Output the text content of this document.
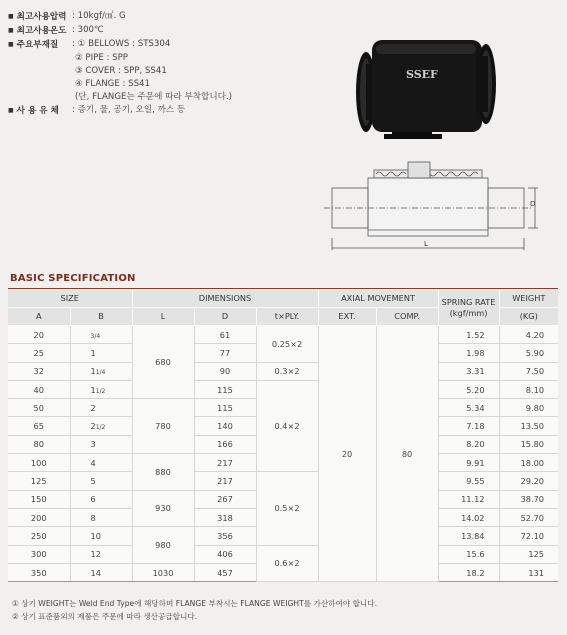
■ 최고사용압력 : 10kgf/㎠. G
■ 최고사용온도 : 300℃
■ 주요부재질	: ① BELLOWS : STS304
② PIPE : SPP
③ COVER : SPP, SS41
④ FLANGE : SS41
(단, FLANGE는 주문에 따라 부착합니다.)
■ 사 용 유 체	: 증기, 물, 공기, 오일, 까스 등
SSEF
D
L
BASIC SPECIFICATION
SIZE		DIMENSIONS			AXIAL MOVEMENT		SPRING RATE (kgf/mm)	WEIGHT
A	B	L	D	t×PLY.	EXT.	COMP.		(KG)
20	3/4	680	61	0.25×2	20	80	1.52	4.20
25	1		77				1.98	5.90
32	11/4		90	0.3×2			3.31	7.50
40	11/2		115	0.4×2			5.20	8.10
50	2	780	115				5.34	9.80
65	21/2		140				7.18	13.50
80	3		166				8.20	15.80
100	4	880	217				9.91	18.00
125	5		217	0.5×2			9.55	29.20
150	6	930	267				11.12	38.70
200	8		318				14.02	52.70
250	10	980	356				13.84	72.10
300	12		406	0.6×2			15.6	125
350	14	1030	457				18.2	131
① 상기 WEIGHT는 Weld End Type에 해당하며 FLANGE 부착시는 FLANGE WEIGHT를 가산하여야 합니다.
② 상기 표준품외의 제품은 주문에 따라 생산공급합니다.
